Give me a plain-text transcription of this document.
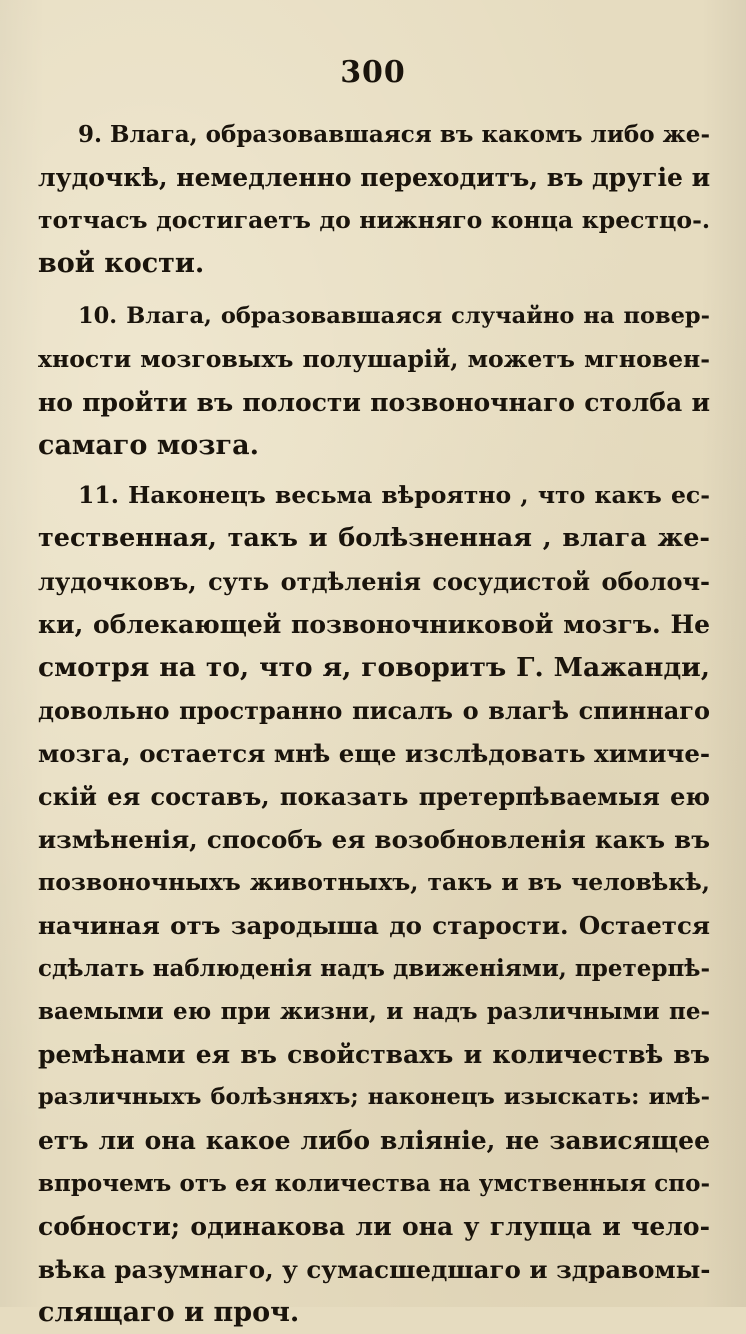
300
9. Влага, образовавшаяся въ какомъ либо же-
лудочкѣ, немедленно переходитъ, въ другіе и
тотчасъ достигаетъ до нижняго конца крестцо-.
вой кости.
10. Влага, образовавшаяся случайно на повер-
хности мозговыхъ полушарій, можетъ мгновен-
но пройти въ полости позвоночнаго столба и
самаго мозга.
11. Наконецъ весьма вѣроятно , что какъ ес-
тественная, такъ и болѣзненная , влага же-
лудочковъ, суть отдѣленія сосудистой оболоч-
ки, облекающей позвоночниковой мозгъ. Не
смотря на то, что я, говоритъ Г. Мажанди,
довольно пространно писалъ о влагѣ спиннаго
мозга, остается мнѣ еще изслѣдовать химиче-
скій ея составъ, показать претерпѣваемыя ею
измѣненія, способъ ея возобновленія какъ въ
позвоночныхъ животныхъ, такъ и въ человѣкѣ,
начиная отъ зародыша до старости. Остается
сдѣлать наблюденія надъ движеніями, претерпѣ-
ваемыми ею при жизни, и надъ различными пе-
ремѣнами ея въ свойствахъ и количествѣ въ
различныхъ болѣзняхъ; наконецъ изыскать: имѣ-
етъ ли она какое либо вліяніе, не зависящее
впрочемъ отъ ея количества на умственныя спо-
собности; одинакова ли она у глупца и чело-
вѣка разумнаго, у сумасшедшаго и здравомы-
слящаго и проч.
